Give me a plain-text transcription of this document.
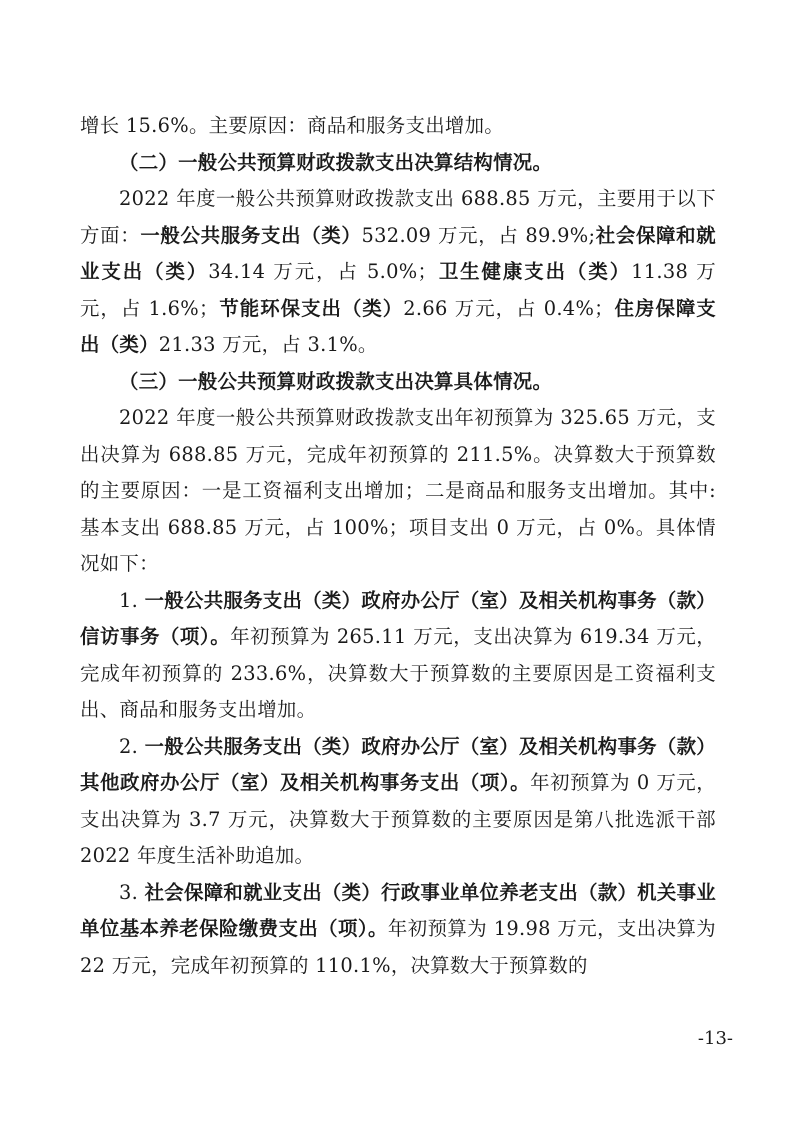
增长 15.6%。主要原因：商品和服务支出增加。

（二）一般公共预算财政拨款支出决算结构情况。

2022 年度一般公共预算财政拨款支出 688.85 万元，主要用于以下方面：一般公共服务支出（类）532.09 万元，占 89.9%;社会保障和就业支出（类）34.14 万元，占 5.0%；卫生健康支出（类）11.38 万元，占 1.6%；节能环保支出（类）2.66 万元，占 0.4%；住房保障支出（类）21.33 万元，占 3.1%。

（三）一般公共预算财政拨款支出决算具体情况。

2022 年度一般公共预算财政拨款支出年初预算为 325.65 万元，支出决算为 688.85 万元，完成年初预算的 211.5%。决算数大于预算数的主要原因：一是工资福利支出增加；二是商品和服务支出增加。其中:基本支出 688.85 万元，占 100%；项目支出 0 万元，占 0%。具体情况如下：

1. 一般公共服务支出（类）政府办公厅（室）及相关机构事务（款）信访事务（项）。年初预算为 265.11 万元，支出决算为 619.34 万元，完成年初预算的 233.6%，决算数大于预算数的主要原因是工资福利支出、商品和服务支出增加。

2. 一般公共服务支出（类）政府办公厅（室）及相关机构事务（款）其他政府办公厅（室）及相关机构事务支出（项）。年初预算为 0 万元，支出决算为 3.7 万元，决算数大于预算数的主要原因是第八批选派干部 2022 年度生活补助追加。

3. 社会保障和就业支出（类）行政事业单位养老支出（款）机关事业单位基本养老保险缴费支出（项）。年初预算为 19.98 万元，支出决算为 22 万元，完成年初预算的 110.1%，决算数大于预算数的

-13-
